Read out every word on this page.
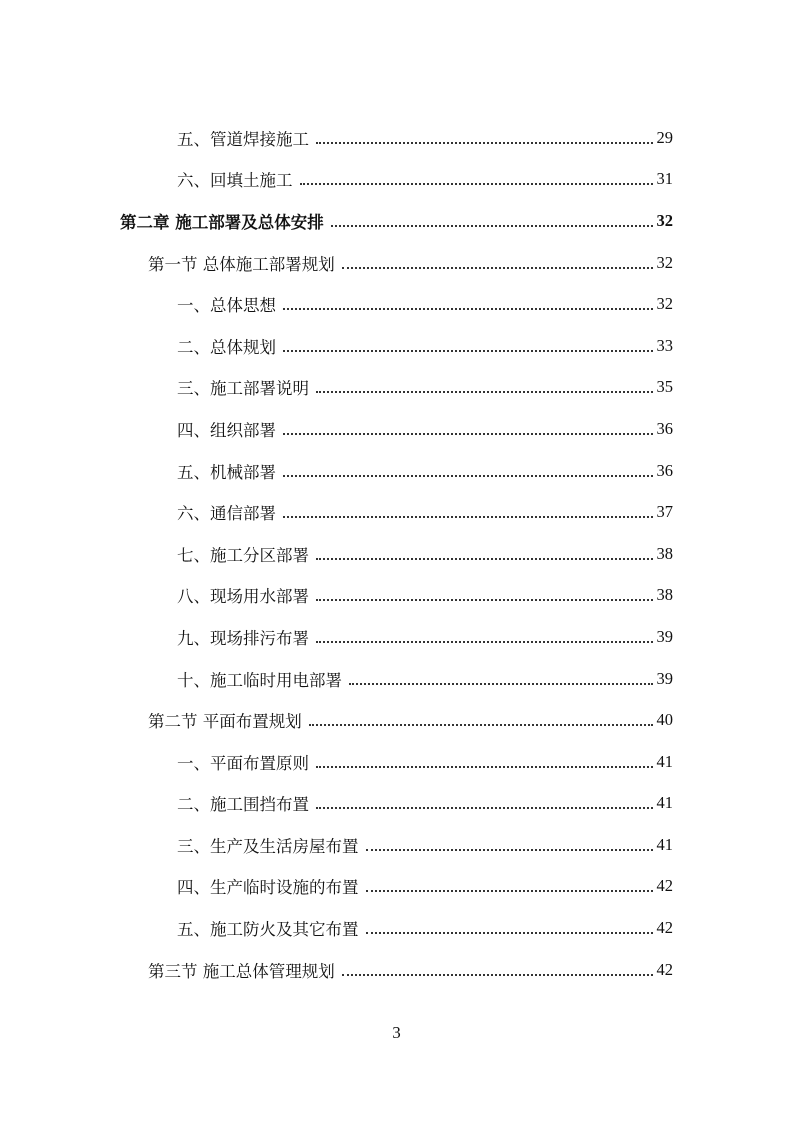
五、管道焊接施工	29
六、回填土施工	31
第二章 施工部署及总体安排	32
第一节 总体施工部署规划	32
一、总体思想	32
二、总体规划	33
三、施工部署说明	35
四、组织部署	36
五、机械部署	36
六、通信部署	37
七、施工分区部署	38
八、现场用水部署	38
九、现场排污布署	39
十、施工临时用电部署	39
第二节 平面布置规划	40
一、平面布置原则	41
二、施工围挡布置	41
三、生产及生活房屋布置	41
四、生产临时设施的布置	42
五、施工防火及其它布置	42
第三节 施工总体管理规划	42
3
